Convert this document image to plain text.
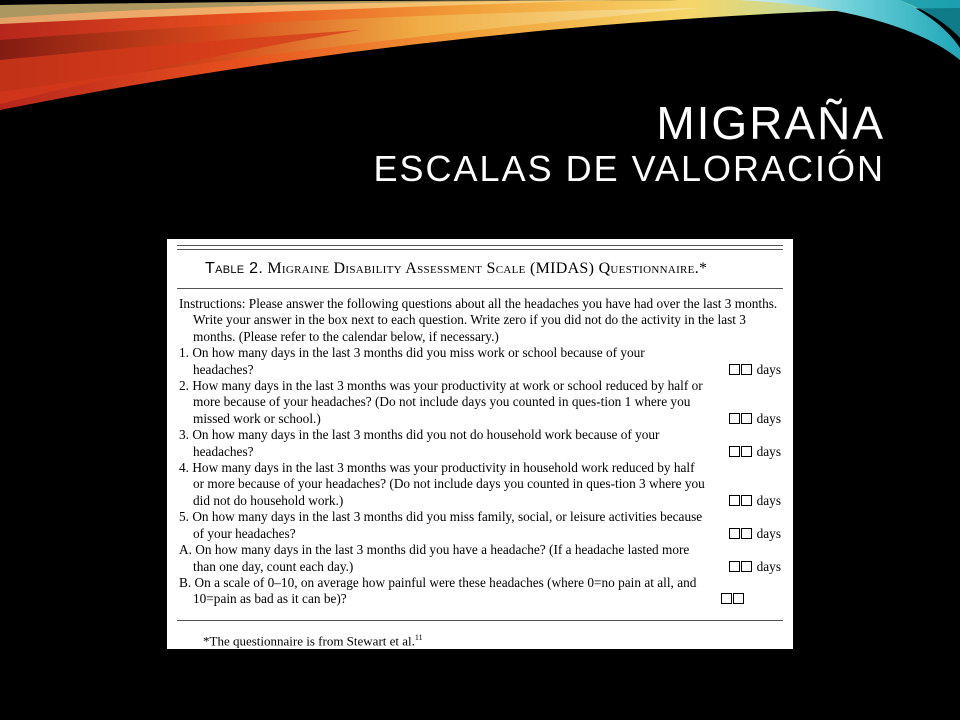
MIGRAÑA
ESCALAS DE VALORACIÓN
Table 2. Migraine Disability Assessment Scale (MIDAS) Questionnaire.*
Instructions: Please answer the following questions about all the headaches you have had over the last 3 months. Write your answer in the box next to each question. Write zero if you did not do the activity in the last 3 months. (Please refer to the calendar below, if necessary.)
1. On how many days in the last 3 months did you miss work or school because of your headaches?	days
2. How many days in the last 3 months was your productivity at work or school reduced by half or more because of your headaches? (Do not include days you counted in ques-tion 1 where you missed work or school.)	days
3. On how many days in the last 3 months did you not do household work because of your headaches?	days
4. How many days in the last 3 months was your productivity in household work reduced by half or more because of your headaches? (Do not include days you counted in ques-tion 3 where you did not do household work.)	days
5. On how many days in the last 3 months did you miss family, social, or leisure activities because of your headaches?	days
A. On how many days in the last 3 months did you have a headache? (If a headache lasted more than one day, count each day.)	days
B. On a scale of 0–10, on average how painful were these headaches (where 0=no pain at all, and 10=pain as bad as it can be)?
*The questionnaire is from Stewart et al.$^{11}$
